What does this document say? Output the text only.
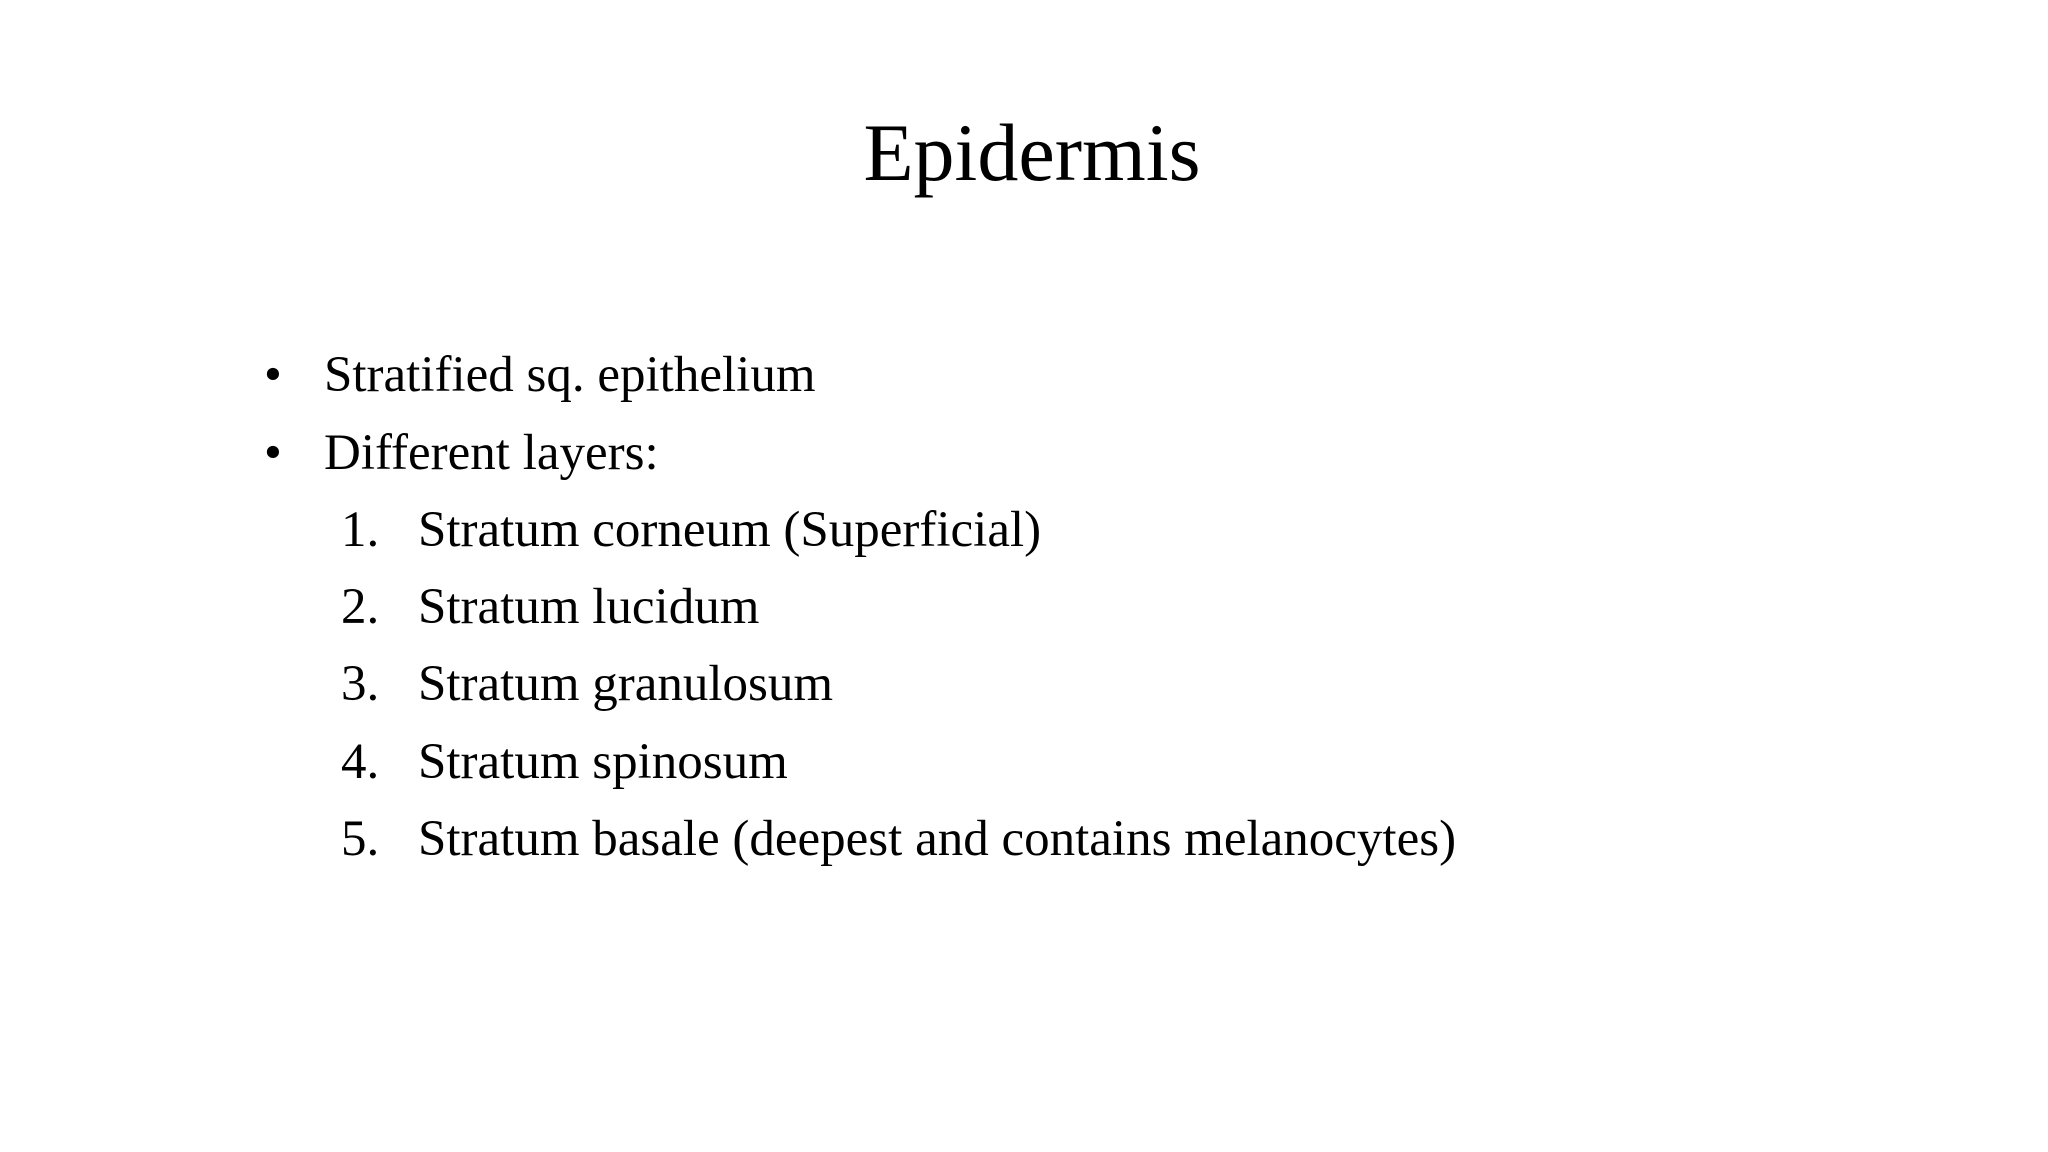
Epidermis
• Stratified sq. epithelium
• Different layers:
1. Stratum corneum (Superficial)
2. Stratum lucidum
3. Stratum granulosum
4. Stratum spinosum
5. Stratum basale (deepest and contains melanocytes)
